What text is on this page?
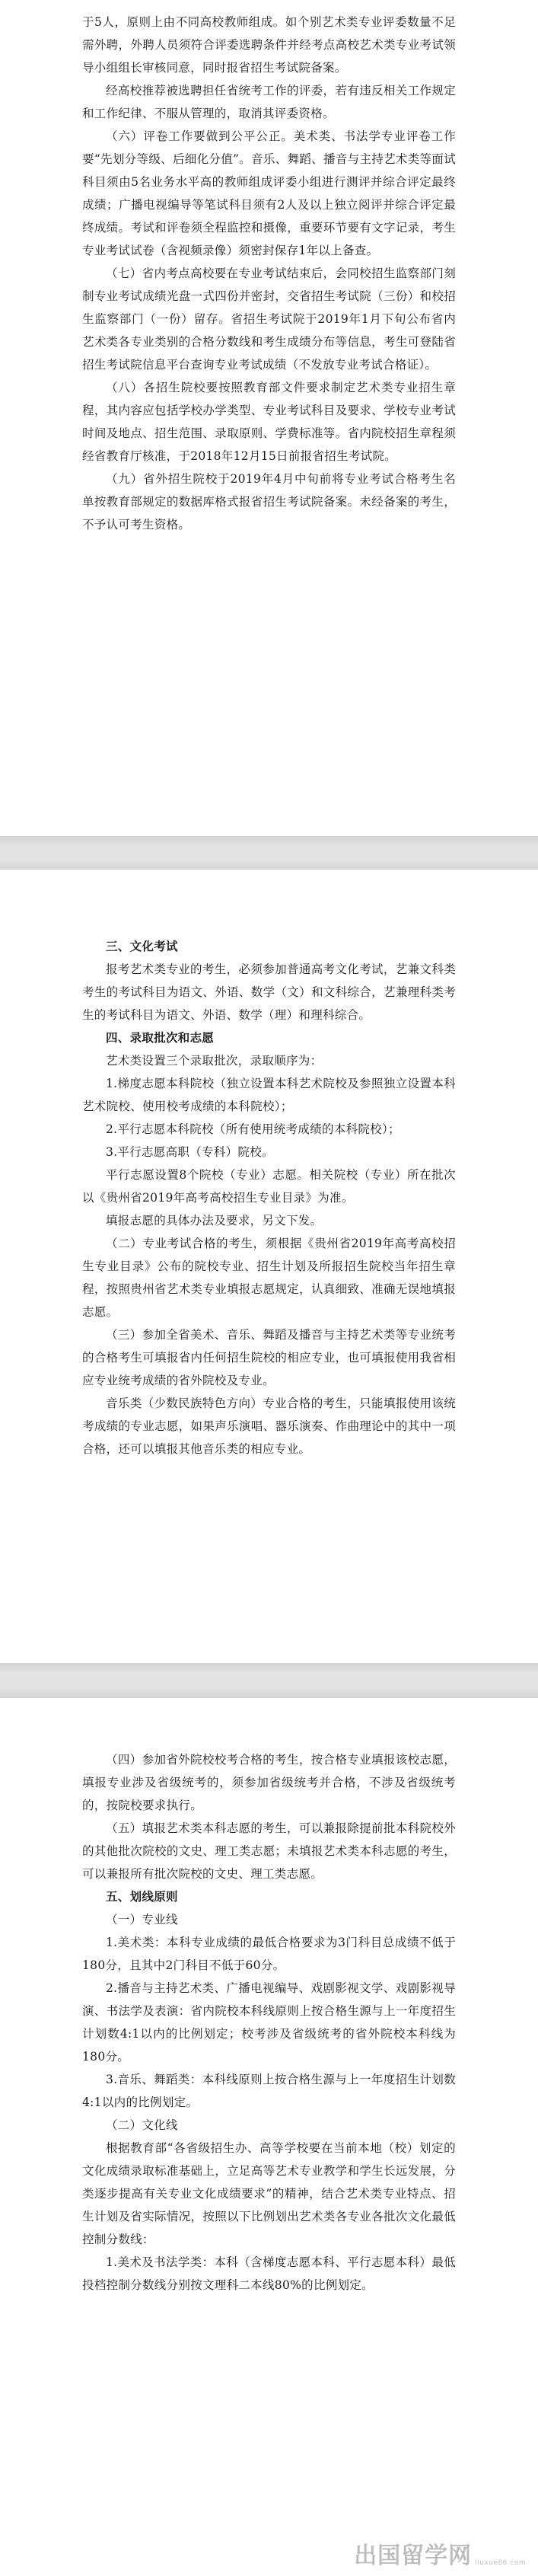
于5人，原则上由不同高校教师组成。如个别艺术类专业评委数量不足需外聘，外聘人员须符合评委选聘条件并经考点高校艺术类专业考试领导小组组长审核同意，同时报省招生考试院备案。

经高校推荐被选聘担任省统考工作的评委，若有违反相关工作规定和工作纪律、不服从管理的，取消其评委资格。

（六）评卷工作要做到公平公正。美术类、书法学专业评卷工作要“先划分等级、后细化分值”。音乐、舞蹈、播音与主持艺术类等面试科目须由5名业务水平高的教师组成评委小组进行测评并综合评定最终成绩；广播电视编导等笔试科目须有2人及以上独立阅评并综合评定最终成绩。考试和评卷须全程监控和摄像，重要环节要有文字记录，考生专业考试试卷（含视频录像）须密封保存1年以上备查。

（七）省内考点高校要在专业考试结束后，会同校招生监察部门刻制专业考试成绩光盘一式四份并密封，交省招生考试院（三份）和校招生监察部门（一份）留存。省招生考试院于2019年1月下旬公布省内艺术类各专业类别的合格分数线和考生成绩分布等信息，考生可登陆省招生考试院信息平台查询专业考试成绩（不发放专业考试合格证）。

（八）各招生院校要按照教育部文件要求制定艺术类专业招生章程，其内容应包括学校办学类型、专业考试科目及要求、学校专业考试时间及地点、招生范围、录取原则、学费标准等。省内院校招生章程须经省教育厅核准，于2018年12月15日前报省招生考试院。

（九）省外招生院校于2019年4月中旬前将专业考试合格考生名单按教育部规定的数据库格式报省招生考试院备案。未经备案的考生，不予认可考生资格。

三、文化考试

报考艺术类专业的考生，必须参加普通高考文化考试，艺兼文科类考生的考试科目为语文、外语、数学（文）和文科综合，艺兼理科类考生的考试科目为语文、外语、数学（理）和理科综合。

四、录取批次和志愿

艺术类设置三个录取批次，录取顺序为：

1.梯度志愿本科院校（独立设置本科艺术院校及参照独立设置本科艺术院校、使用校考成绩的本科院校）；

2.平行志愿本科院校（所有使用统考成绩的本科院校）；

3.平行志愿高职（专科）院校。

平行志愿设置8个院校（专业）志愿。相关院校（专业）所在批次以《贵州省2019年高考高校招生专业目录》为准。

填报志愿的具体办法及要求，另文下发。

（二）专业考试合格的考生，须根据《贵州省2019年高考高校招生专业目录》公布的院校专业、招生计划及所报招生院校当年招生章程，按照贵州省艺术类专业填报志愿规定，认真细致、准确无误地填报志愿。

（三）参加全省美术、音乐、舞蹈及播音与主持艺术类等专业统考的合格考生可填报省内任何招生院校的相应专业，也可填报使用我省相应专业统考成绩的省外院校及专业。

音乐类（少数民族特色方向）专业合格的考生，只能填报使用该统考成绩的专业志愿，如果声乐演唱、器乐演奏、作曲理论中的其中一项合格，还可以填报其他音乐类的相应专业。

（四）参加省外院校校考合格的考生，按合格专业填报该校志愿，填报专业涉及省级统考的，须参加省级统考并合格，不涉及省级统考的，按院校要求执行。

（五）填报艺术类本科志愿的考生，可以兼报除提前批本科院校外的其他批次院校的文史、理工类志愿；未填报艺术类本科志愿的考生，可以兼报所有批次院校的文史、理工类志愿。

五、划线原则

（一）专业线

1.美术类：本科专业成绩的最低合格要求为3门科目总成绩不低于180分，且其中2门科目不低于60分。

2.播音与主持艺术类、广播电视编导、戏剧影视文学、戏剧影视导演、书法学及表演：省内院校本科线原则上按合格生源与上一年度招生计划数4:1以内的比例划定；校考涉及省级统考的省外院校本科线为180分。

3.音乐、舞蹈类：本科线原则上按合格生源与上一年度招生计划数4:1以内的比例划定。

（二）文化线

根据教育部“各省级招生办、高等学校要在当前本地（校）划定的文化成绩录取标准基础上，立足高等艺术专业教学和学生长远发展，分类逐步提高有关专业文化成绩要求”的精神，结合艺术类专业特点、招生计划及省实际情况，按照以下比例划出艺术类各专业各批次文化最低控制分数线：

1.美术及书法学类：本科（含梯度志愿本科、平行志愿本科）最低投档控制分数线分别按文理科二本线80%的比例划定。

出国留学网 liuxue86.com
